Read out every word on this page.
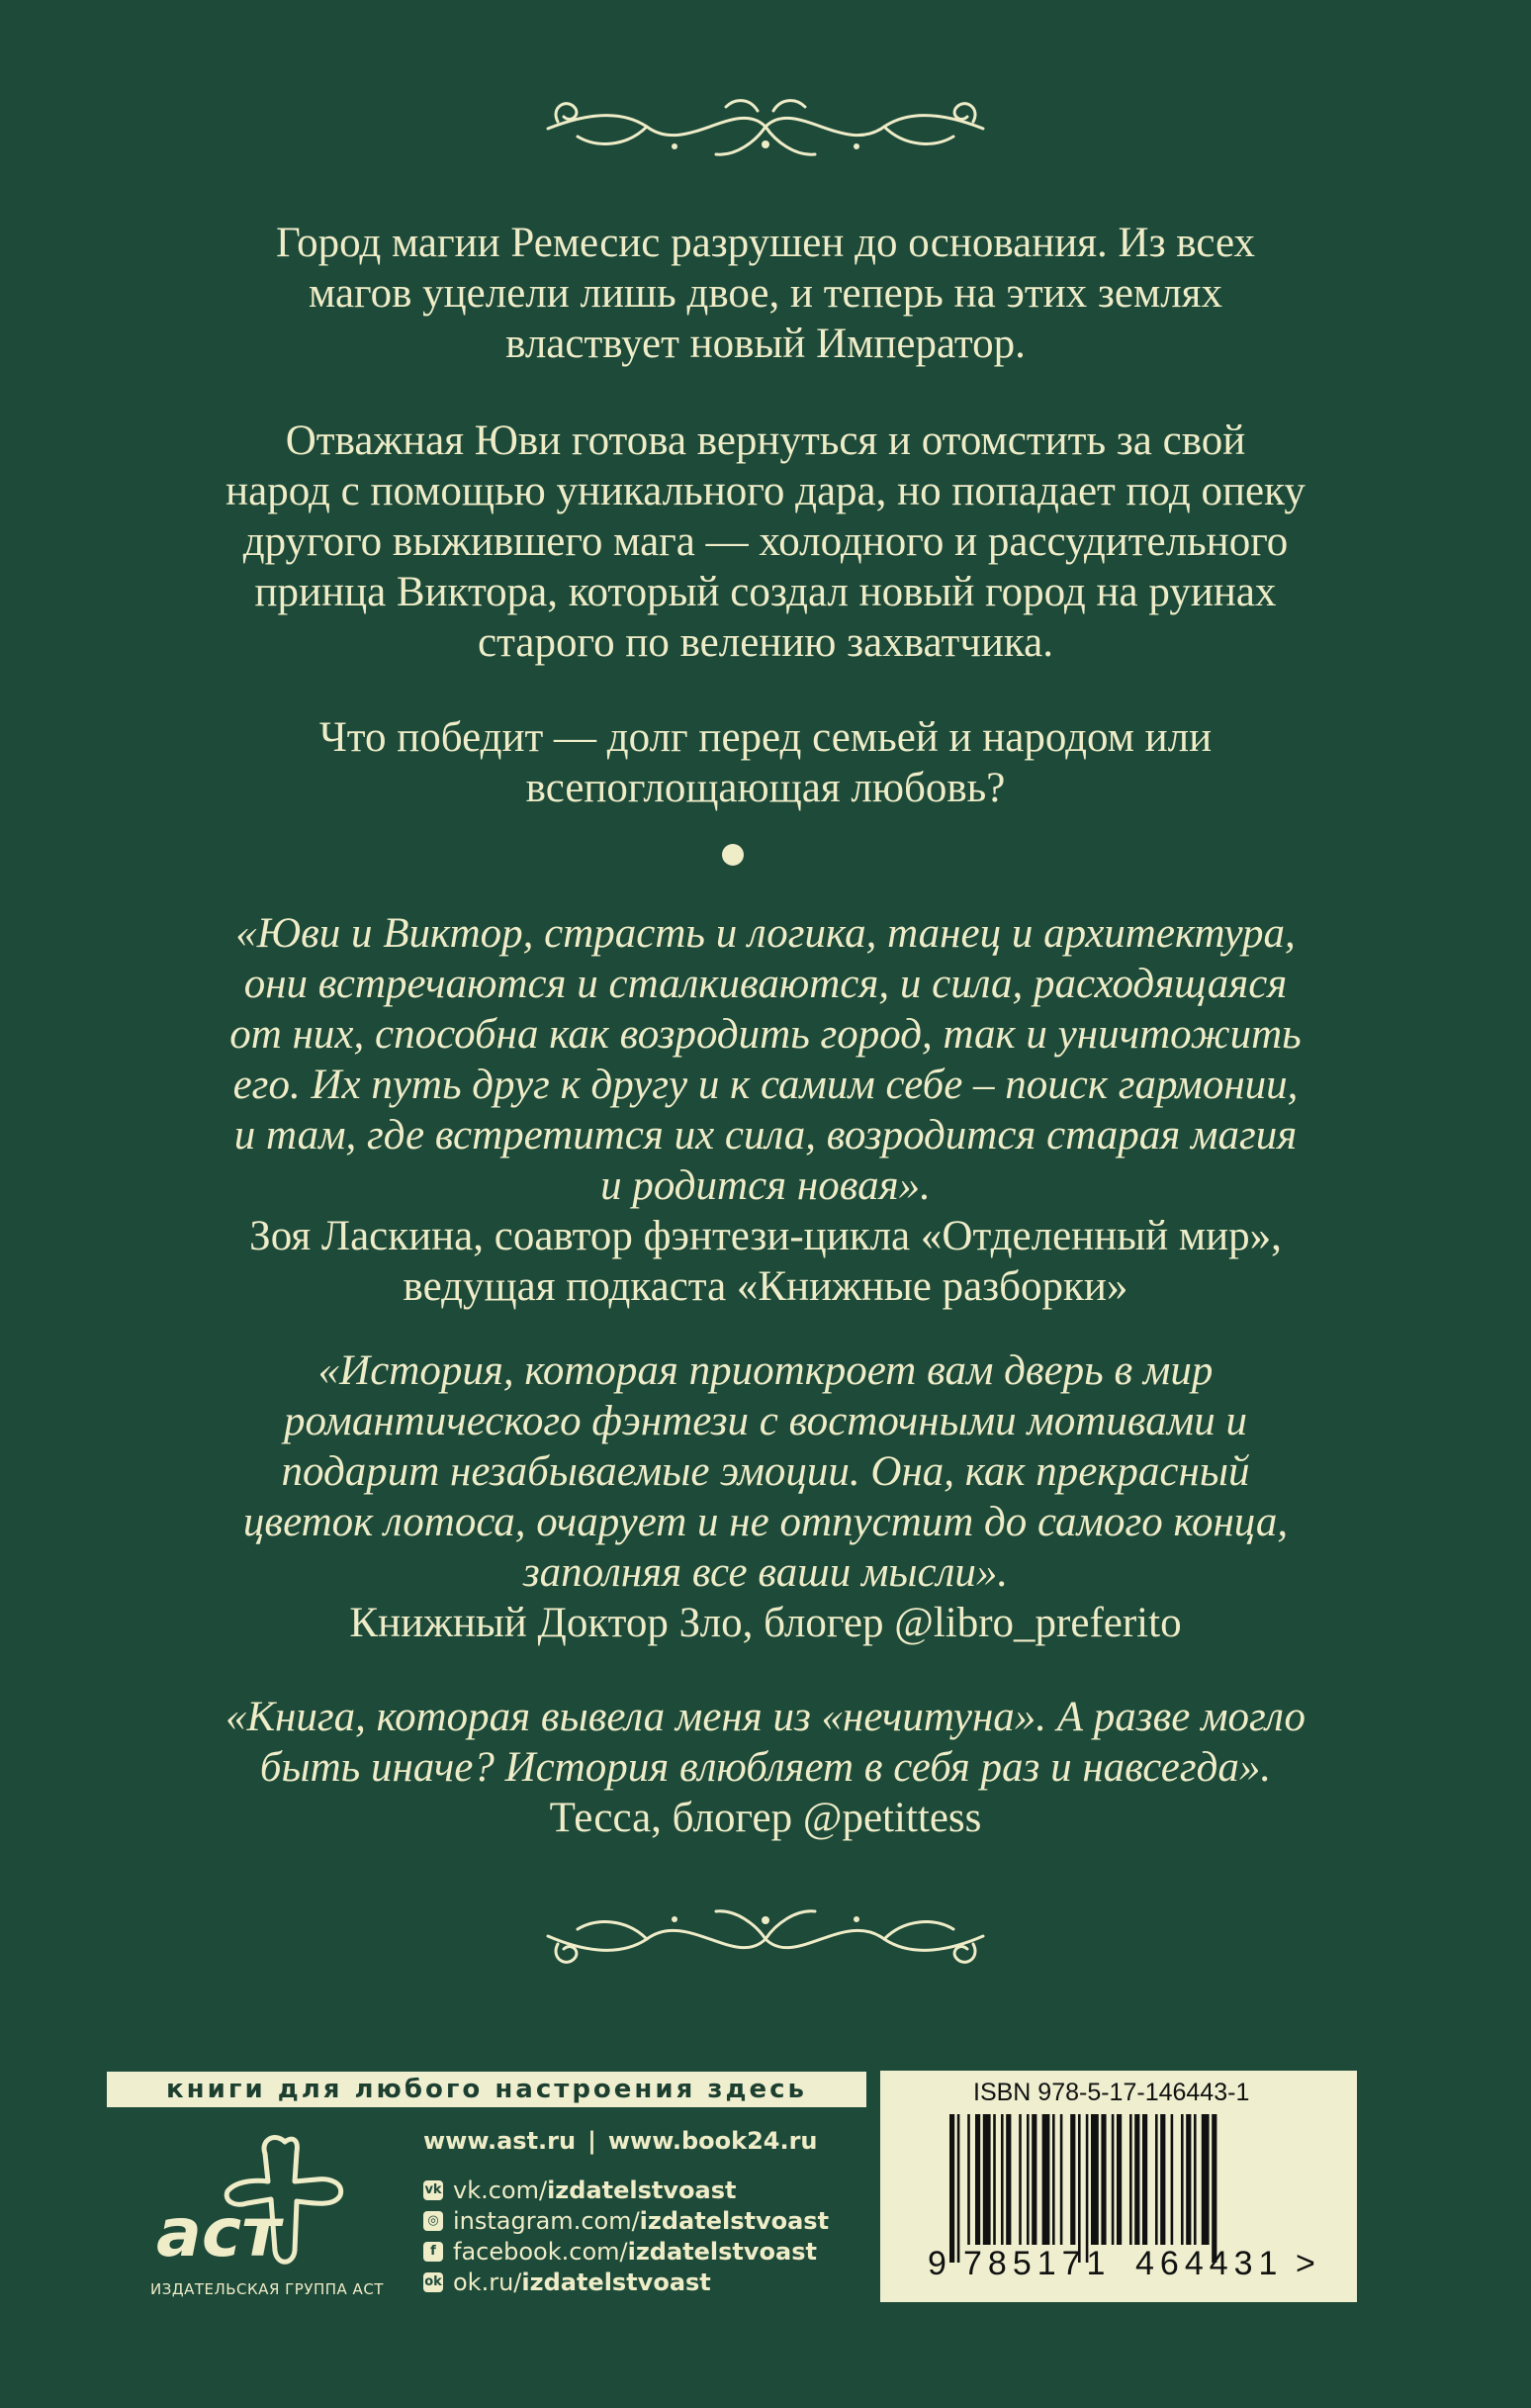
Город магии Ремесис разрушен до основания. Из всех

магов уцелели лишь двое, и теперь на этих землях

властвует новый Император.

Отважная Юви готова вернуться и отомстить за свой

народ с помощью уникального дара, но попадает под опеку

другого выжившего мага — холодного и рассудительного

принца Виктора, который создал новый город на руинах

старого по велению захватчика.

Что победит — долг перед семьей и народом или

всепоглощающая любовь?

«Юви и Виктор, страсть и логика, танец и архитектура,

они встречаются и сталкиваются, и сила, расходящаяся

от них, способна как возродить город, так и уничтожить

его. Их путь друг к другу и к самим себе – поиск гармонии,

и там, где встретится их сила, возродится старая магия

и родится новая».

Зоя Ласкина, соавтор фэнтези-цикла «Отделенный мир»,

ведущая подкаста «Книжные разборки»

«История, которая приоткроет вам дверь в мир

романтического фэнтези с восточными мотивами и

подарит незабываемые эмоции. Она, как прекрасный

цветок лотоса, очарует и не отпустит до самого конца,

заполняя все ваши мысли».

Книжный Доктор Зло, блогер @libro_preferito

«Книга, которая вывела меня из «нечитуна». А разве могло

быть иначе? История влюбляет в себя раз и навсегда».

Тесса, блогер @petittess

книги для любого настроения здесь
аст
ИЗДАТЕЛЬСКАЯ ГРУППА АСТ
www.ast.ru | www.book24.ru
vk vk.com/ izdatelstvoast
◎ instagram.com/ izdatelstvoast
f facebook.com/ izdatelstvoast
ok ok.ru/ izdatelstvoast
ISBN 978-5-17-146443-1
9 785171 464431 >
